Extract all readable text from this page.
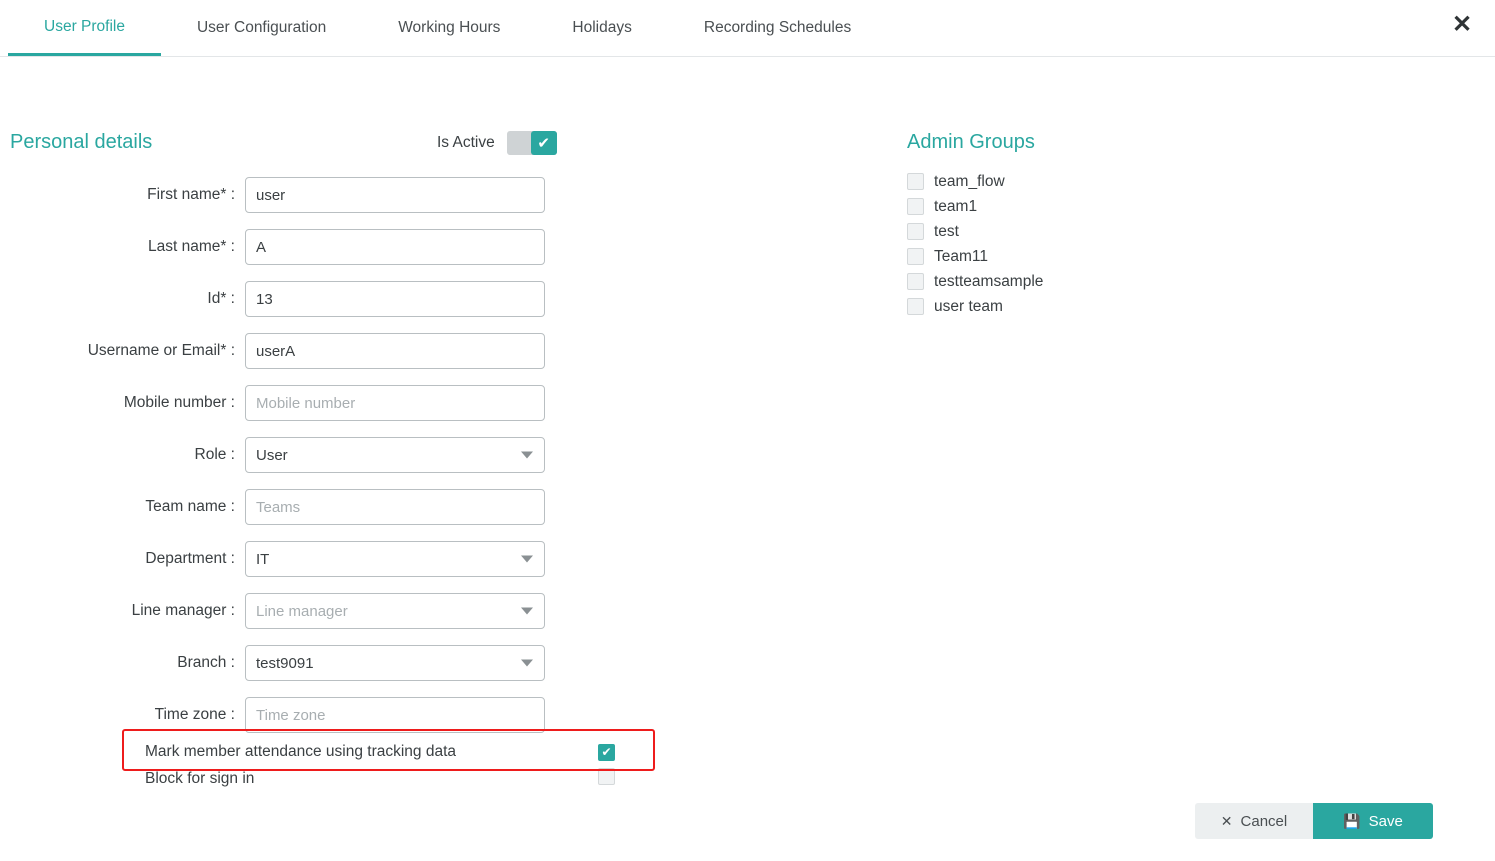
User Profile	User Configuration	Working Hours	Holidays	Recording Schedules	✕
Personal details	Is Active	✔
First name* :
user
Last name* :
A
Id* :
13
Username or Email* :
userA
Mobile number :
Mobile number
Role :	User
Team name :
Teams
Department :	IT
Line manager :	Line manager
Branch :	test9091
Time zone :
Time zone
Mark member attendance using tracking data	✔
Block for sign in
Admin Groups
team_flow
team1
test
Team11
testteamsample
user team
✕ Cancel	💾 Save
